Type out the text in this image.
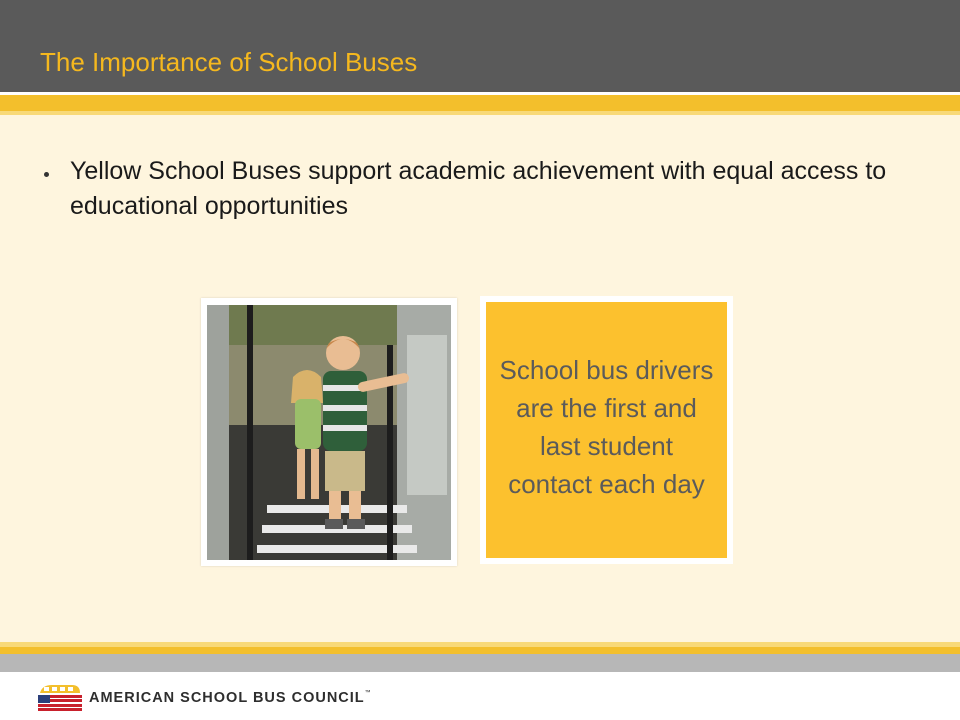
The Importance of School Buses
Yellow School Buses support academic achievement with equal access to educational opportunities
School bus drivers are the first and last student contact each day
AMERICAN SCHOOL BUS COUNCIL™
